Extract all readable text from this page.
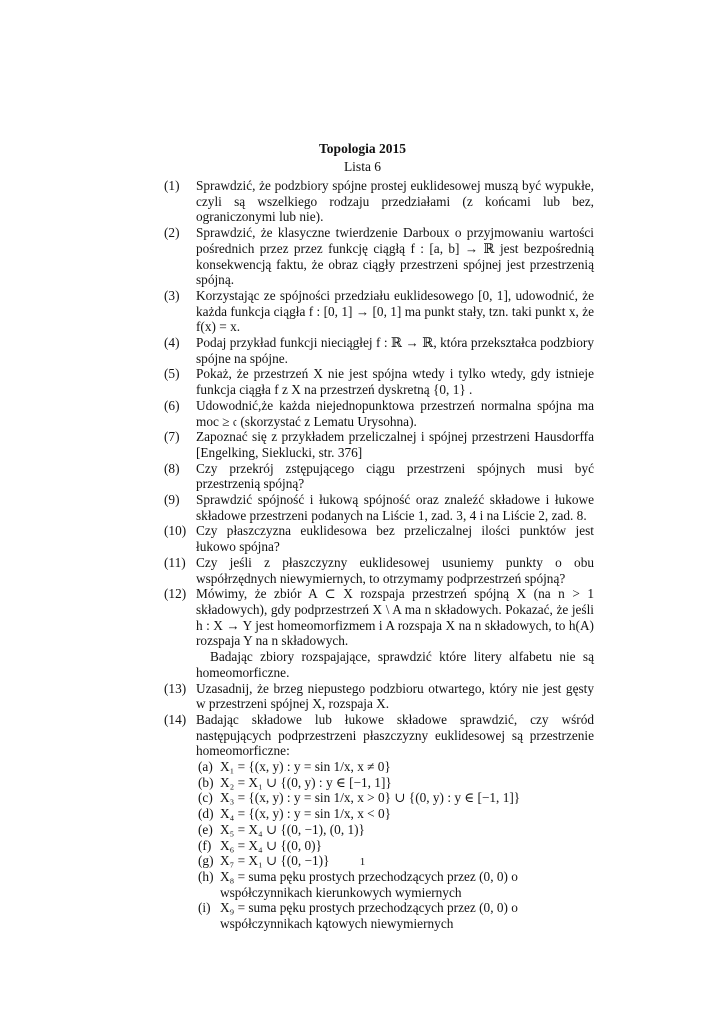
Topologia 2015
Lista 6
(1)	Sprawdzić, że podzbiory spójne prostej euklidesowej muszą być wypukłe, czyli są wszelkiego rodzaju przedziałami (z końcami lub bez, ograniczonymi lub nie).
(2)	Sprawdzić, że klasyczne twierdzenie Darboux o przyjmowaniu wartości pośrednich przez przez funkcję ciągłą f : [a, b] → ℝ jest bezpośrednią konsekwencją faktu, że obraz ciągły przestrzeni spójnej jest przestrzenią spójną.
(3)	Korzystając ze spójności przedziału euklidesowego [0, 1], udowodnić, że każda funkcja ciągła f : [0, 1] → [0, 1] ma punkt stały, tzn. taki punkt x, że f(x) = x.
(4)	Podaj przykład funkcji nieciągłej f : ℝ → ℝ, która przekształca podzbiory spójne na spójne.
(5)	Pokaż, że przestrzeń X nie jest spójna wtedy i tylko wtedy, gdy istnieje funkcja ciągła f z X na przestrzeń dyskretną {0, 1} .
(6)	Udowodnić,że każda niejednopunktowa przestrzeń normalna spójna ma moc ≥ 𝔠 (skorzystać z Lematu Urysohna).
(7)	Zapoznać się z przykładem przeliczalnej i spójnej przestrzeni Hausdorffa [Engelking, Sieklucki, str. 376]
(8)	Czy przekrój zstępującego ciągu przestrzeni spójnych musi być przestrzenią spójną?
(9)	Sprawdzić spójność i łukową spójność oraz znaleźć składowe i łukowe składowe przestrzeni podanych na Liście 1, zad. 3, 4 i na Liście 2, zad. 8.
(10) Czy płaszczyzna euklidesowa bez przeliczalnej ilości punktów jest łukowo spójna?
(11) Czy jeśli z płaszczyzny euklidesowej usuniemy punkty o obu współrzędnych niewymiernych, to otrzymamy podprzestrzeń spójną?
(12) Mówimy, że zbiór A ⊂ X rozspaja przestrzeń spójną X (na n > 1 składowych), gdy podprzestrzeń X \ A ma n składowych. Pokazać, że jeśli h : X → Y jest homeomorfizmem i A rozspaja X na n składowych, to h(A) rozspaja Y na n składowych.
Badając zbiory rozspajające, sprawdzić które litery alfabetu nie są homeomorficzne.
(13) Uzasadnij, że brzeg niepustego podzbioru otwartego, który nie jest gęsty w przestrzeni spójnej X, rozspaja X.
(14) Badając składowe lub łukowe składowe sprawdzić, czy wśród następujących podprzestrzeni płaszczyzny euklidesowej są przestrzenie homeomorficzne:
(a) X₁ = {(x, y) : y = sin 1/x, x ≠ 0}
(b) X₂ = X₁ ∪ {(0, y) : y ∈ [−1, 1]}
(c) X₃ = {(x, y) : y = sin 1/x, x > 0} ∪ {(0, y) : y ∈ [−1, 1]}
(d) X₄ = {(x, y) : y = sin 1/x, x < 0}
(e) X₅ = X₄ ∪ {(0, −1), (0, 1)}
(f) X₆ = X₄ ∪ {(0, 0)}
(g) X₇ = X₁ ∪ {(0, −1)}
(h) X₈ = suma pęku prostych przechodzących przez (0, 0) o współczynnikach kierunkowych wymiernych
(i) X₉ = suma pęku prostych przechodzących przez (0, 0) o współczynnikach kątowych niewymiernych
1
